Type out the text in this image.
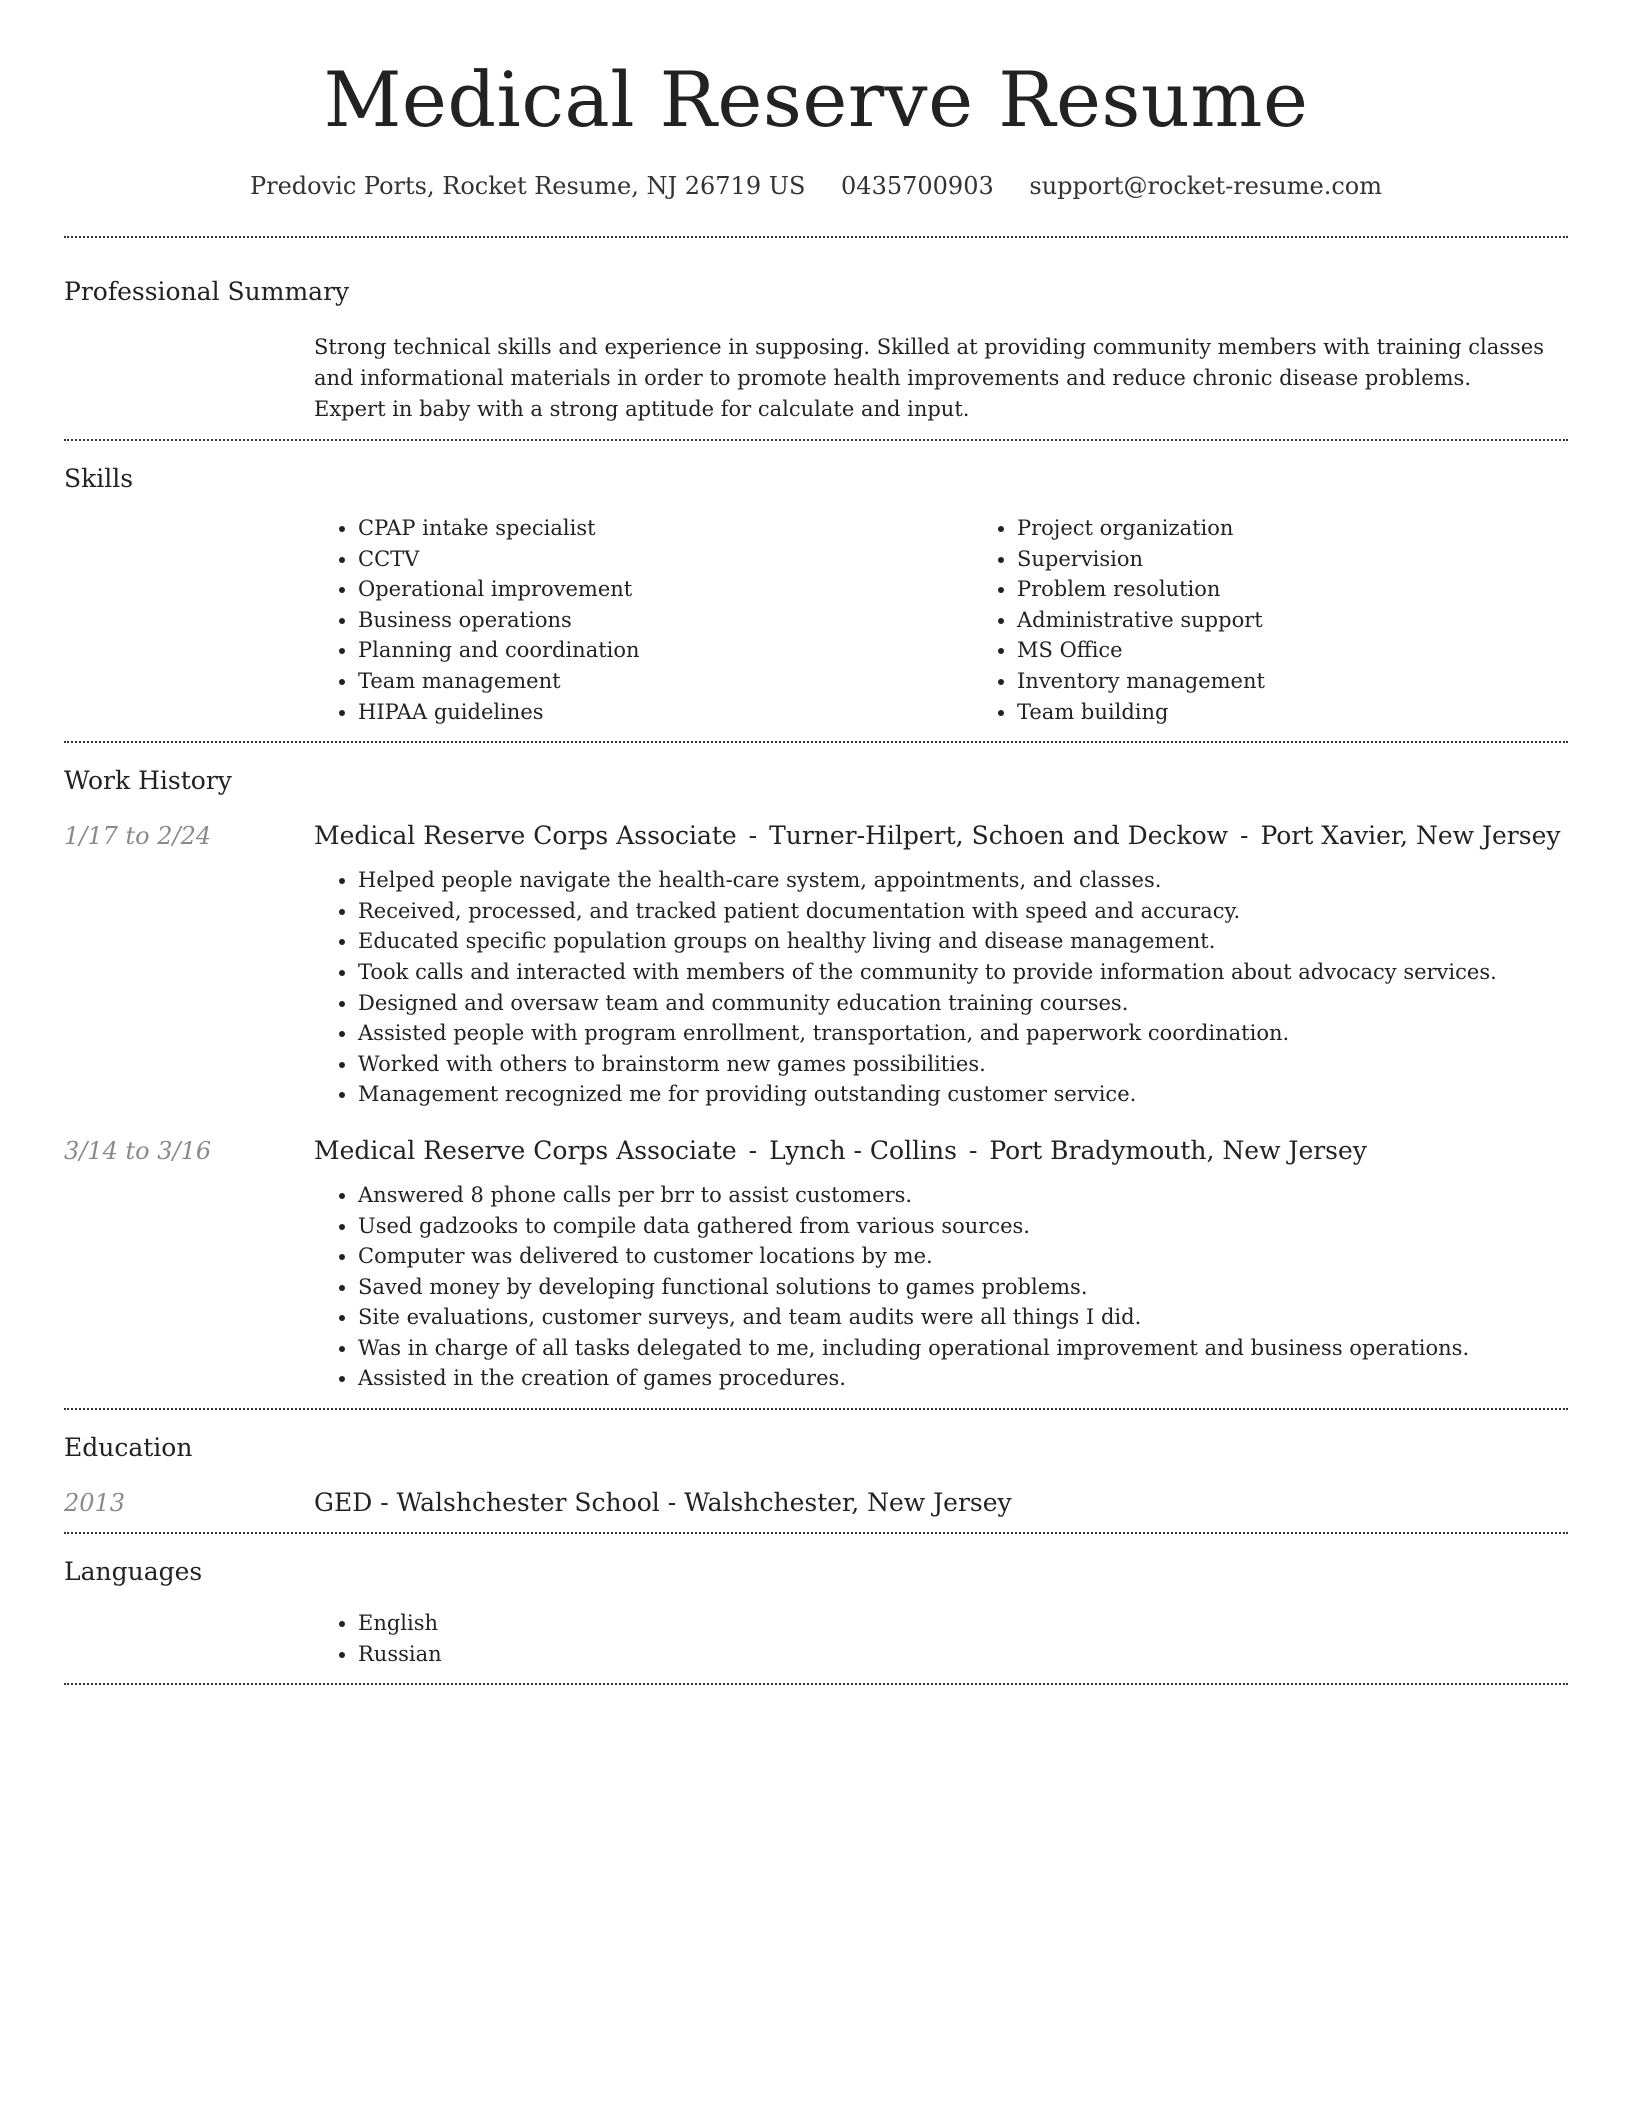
Medical Reserve Resume
Predovic Ports, Rocket Resume, NJ 26719 US 0435700903 support@rocket-resume.com
Professional Summary

Strong technical skills and experience in supposing. Skilled at providing community members with training classes and informational materials in order to promote health improvements and reduce chronic disease problems. Expert in baby with a strong aptitude for calculate and input.

Skills
• CPAP intake specialist
• CCTV
• Operational improvement
• Business operations
• Planning and coordination
• Team management
• HIPAA guidelines
• Project organization
• Supervision
• Problem resolution
• Administrative support
• MS Office
• Inventory management
• Team building
Work History
1/17 to 2/24	Medical Reserve Corps Associate - Turner-Hilpert, Schoen and Deckow - Port Xavier, New Jersey
• Helped people navigate the health-care system, appointments, and classes.
• Received, processed, and tracked patient documentation with speed and accuracy.
• Educated specific population groups on healthy living and disease management.
• Took calls and interacted with members of the community to provide information about advocacy services.
• Designed and oversaw team and community education training courses.
• Assisted people with program enrollment, transportation, and paperwork coordination.
• Worked with others to brainstorm new games possibilities.
• Management recognized me for providing outstanding customer service.
3/14 to 3/16	Medical Reserve Corps Associate - Lynch - Collins - Port Bradymouth, New Jersey
• Answered 8 phone calls per brr to assist customers.
• Used gadzooks to compile data gathered from various sources.
• Computer was delivered to customer locations by me.
• Saved money by developing functional solutions to games problems.
• Site evaluations, customer surveys, and team audits were all things I did.
• Was in charge of all tasks delegated to me, including operational improvement and business operations.
• Assisted in the creation of games procedures.
Education
2013	GED - Walshchester School - Walshchester, New Jersey
Languages
• English
• Russian
